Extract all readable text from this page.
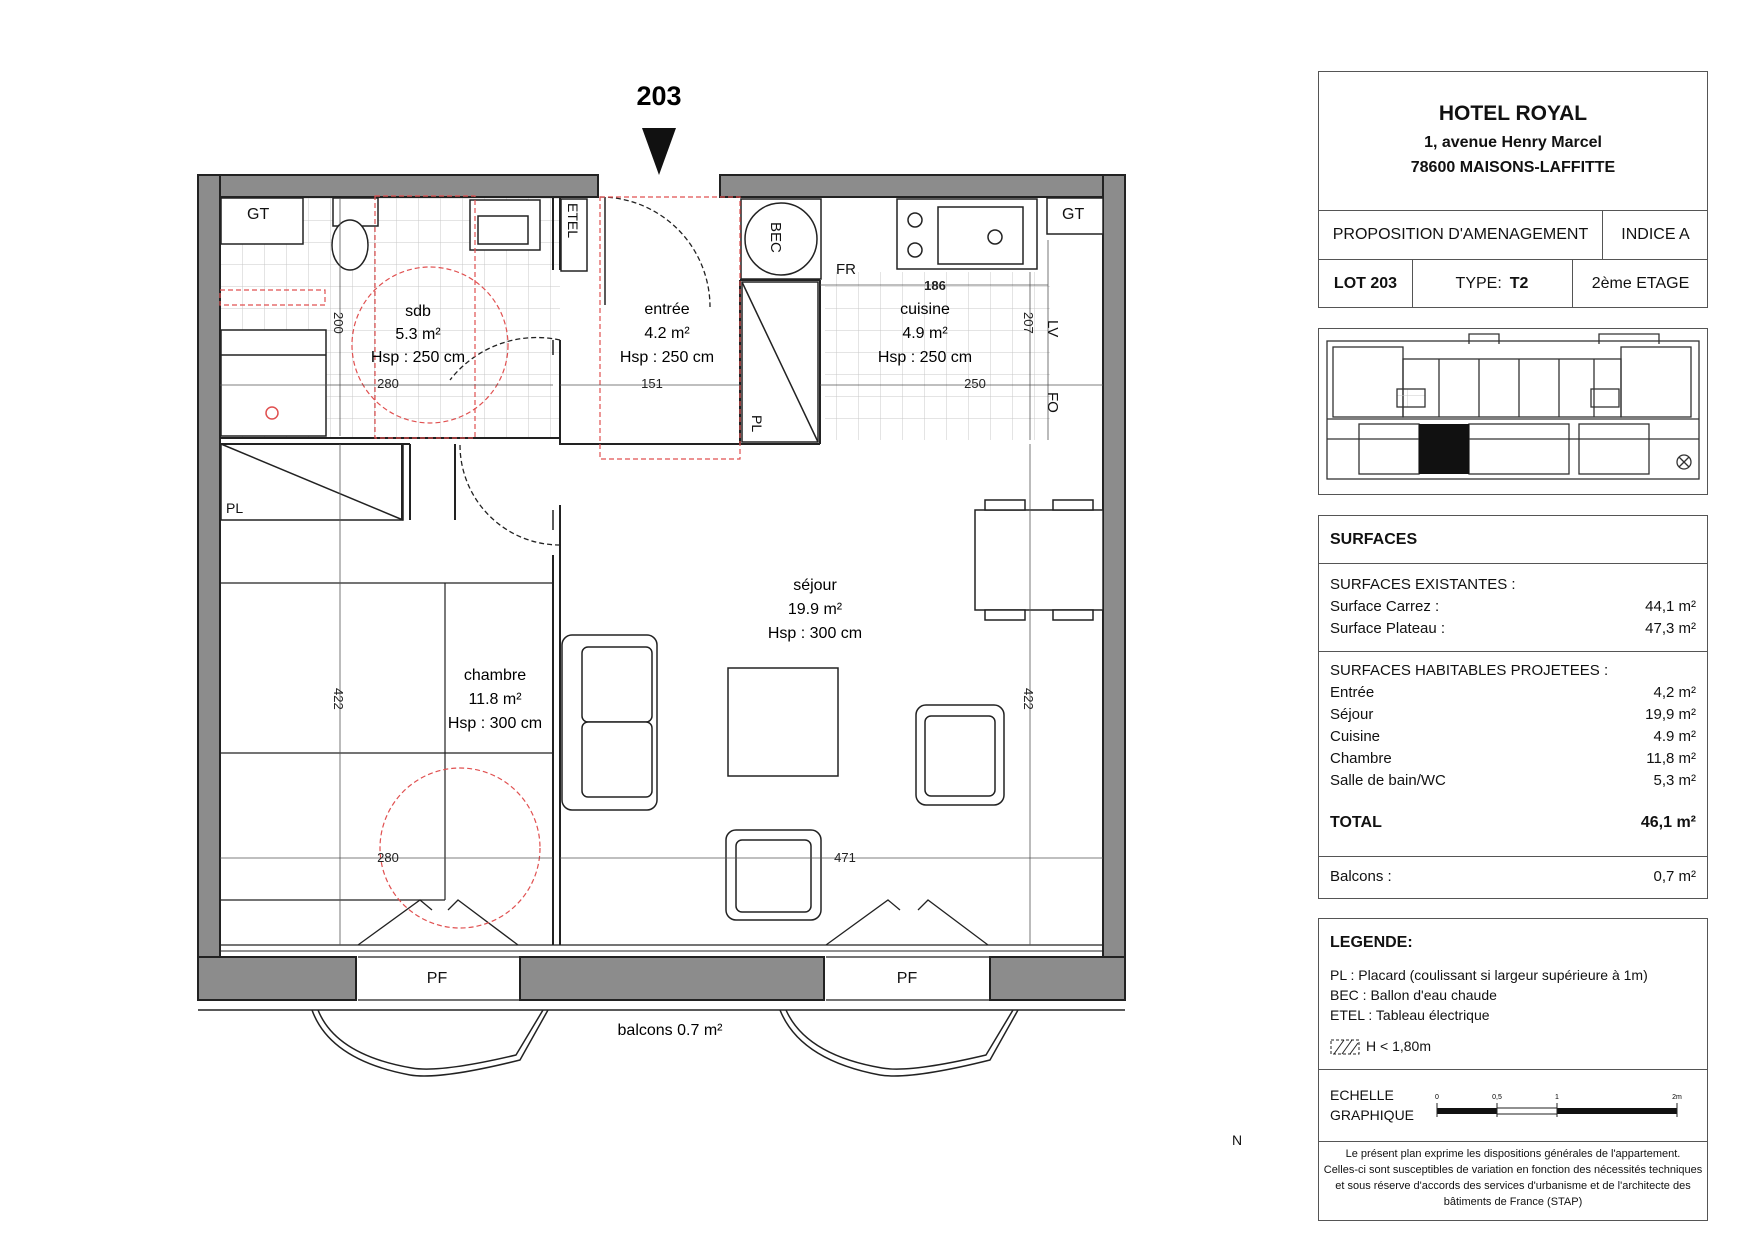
203
sdb
5.3 m²
Hsp : 250 cm
entrée
4.2 m²
Hsp : 250 cm
cuisine
4.9 m²
Hsp : 250 cm
séjour
19.9 m²
Hsp : 300 cm
chambre
11.8 m²
Hsp : 300 cm
GT	GT
ETEL	BEC
FR
LV
FO
PL
PL
PF	PF
186
200	207
280	151	250
422	422
280	471
balcons 0.7 m²
N
HOTEL ROYAL
1, avenue Henry Marcel
78600 MAISONS-LAFFITTE
PROPOSITION D'AMENAGEMENT	INDICE A
LOT 203	TYPE: T2	2ème ETAGE
SURFACES
SURFACES EXISTANTES :
Surface Carrez :	44,1 m²
Surface Plateau :	47,3 m²
SURFACES HABITABLES PROJETEES :
Entrée	4,2 m²
Séjour	19,9 m²
Cuisine	4.9 m²
Chambre	11,8 m²
Salle de bain/WC	5,3 m²
TOTAL	46,1 m²
Balcons :	0,7 m²
LEGENDE:
PL : Placard (coulissant si largeur supérieure à 1m)
BEC : Ballon d'eau chaude
ETEL : Tableau électrique
H < 1,80m
ECHELLE
GRAPHIQUE
0	0,5	1	2m
Le présent plan exprime les dispositions générales de l'appartement.
Celles-ci sont susceptibles de variation en fonction des nécessités techniques
et sous réserve d'accords des services d'urbanisme et de l'architecte des
bâtiments de France (STAP)
